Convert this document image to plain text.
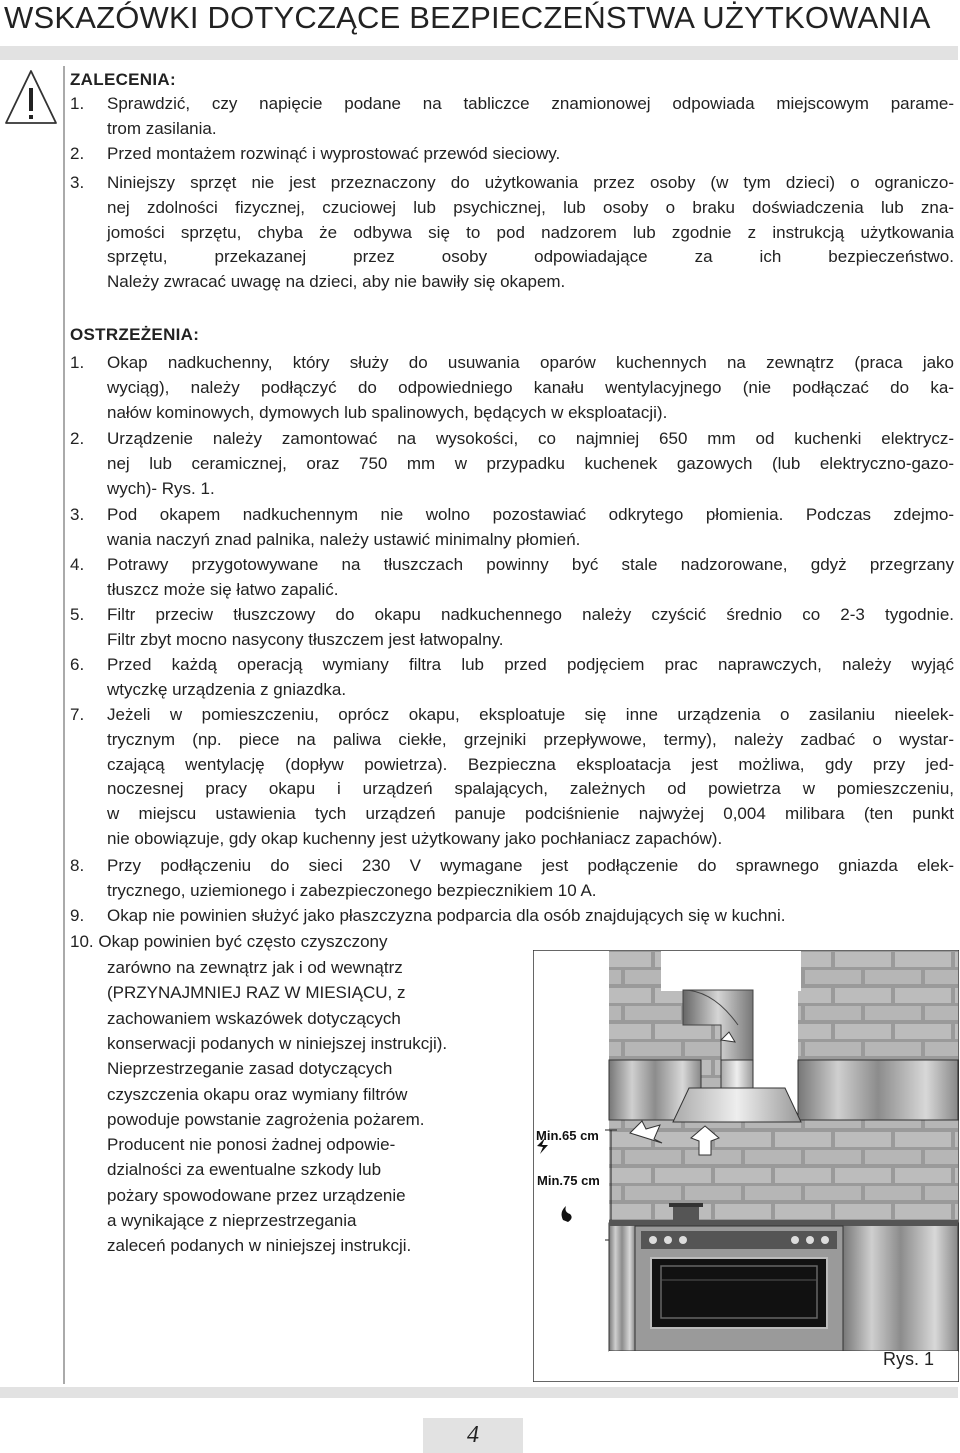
WSKAZÓWKI DOTYCZĄCE BEZPIECZEŃSTWA UŻYTKOWANIA
ZALECENIA:
1. Sprawdzić, czy napięcie podane na tabliczce znamionowej odpowiada miejscowym parame-
trom zasilania.
2. Przed montażem rozwinąć i wyprostować przewód sieciowy.
3. Niniejszy sprzęt nie jest przeznaczony do użytkowania przez osoby (w tym dzieci) o ograniczo-
nej zdolności fizycznej, czuciowej lub psychicznej, lub osoby o braku doświadczenia lub zna-
jomości sprzętu, chyba że odbywa się to pod nadzorem lub zgodnie z instrukcją użytkowania
sprzętu, przekazanej przez osoby odpowiadające za ich bezpieczeństwo.
Należy zwracać uwagę na dzieci, aby nie bawiły się okapem.
OSTRZEŻENIA:
1. Okap nadkuchenny, który służy do usuwania oparów kuchennych na zewnątrz (praca jako
wyciąg), należy podłączyć do odpowiedniego kanału wentylacyjnego (nie podłączać do ka-
nałów kominowych, dymowych lub spalinowych, będących w eksploatacji).
2. Urządzenie należy zamontować na wysokości, co najmniej 650 mm od kuchenki elektrycz-
nej lub ceramicznej, oraz 750 mm w przypadku kuchenek gazowych (lub elektryczno-gazo-
wych)- Rys. 1.
3. Pod okapem nadkuchennym nie wolno pozostawiać odkrytego płomienia. Podczas zdejmo-
wania naczyń znad palnika, należy ustawić minimalny płomień.
4. Potrawy przygotowywane na tłuszczach powinny być stale nadzorowane, gdyż przegrzany
tłuszcz może się łatwo zapalić.
5. Filtr przeciw tłuszczowy do okapu nadkuchennego należy czyścić średnio co 2-3 tygodnie.
Filtr zbyt mocno nasycony tłuszczem jest łatwopalny.
6. Przed każdą operacją wymiany filtra lub przed podjęciem prac naprawczych, należy wyjąć
wtyczkę urządzenia z gniazdka.
7. Jeżeli w pomieszczeniu, oprócz okapu, eksploatuje się inne urządzenia o zasilaniu nieelek-
trycznym (np. piece na paliwa ciekłe, grzejniki przepływowe, termy), należy zadbać o wystar-
czającą wentylację (dopływ powietrza). Bezpieczna eksploatacja jest możliwa, gdy przy jed-
noczesnej pracy okapu i urządzeń spalających, zależnych od powietrza w pomieszczeniu,
w miejscu ustawienia tych urządzeń panuje podciśnienie najwyżej 0,004 milibara (ten punkt
nie obowiązuje, gdy okap kuchenny jest użytkowany jako pochłaniacz zapachów).
8. Przy podłączeniu do sieci 230 V wymagane jest podłączenie do sprawnego gniazda elek-
trycznego, uziemionego i zabezpieczonego bezpiecznikiem 10 A.
9. Okap nie powinien służyć jako płaszczyzna podparcia dla osób znajdujących się w kuchni.
10. Okap powinien być często czyszczony
zarówno na zewnątrz jak i od wewnątrz
(PRZYNAJMNIEJ RAZ W MIESIĄCU, z
zachowaniem wskazówek dotyczących
konserwacji podanych w niniejszej instrukcji).
Nieprzestrzeganie zasad dotyczących
czyszczenia okapu oraz wymiany filtrów
powoduje powstanie zagrożenia pożarem.
Producent nie ponosi żadnej odpowie-
dzialności za ewentualne szkody lub
pożary spowodowane przez urządzenie
a wynikające z nieprzestrzegania
zaleceń podanych w niniejszej instrukcji.
Min.65 cm
Min.75 cm
Rys. 1
4
